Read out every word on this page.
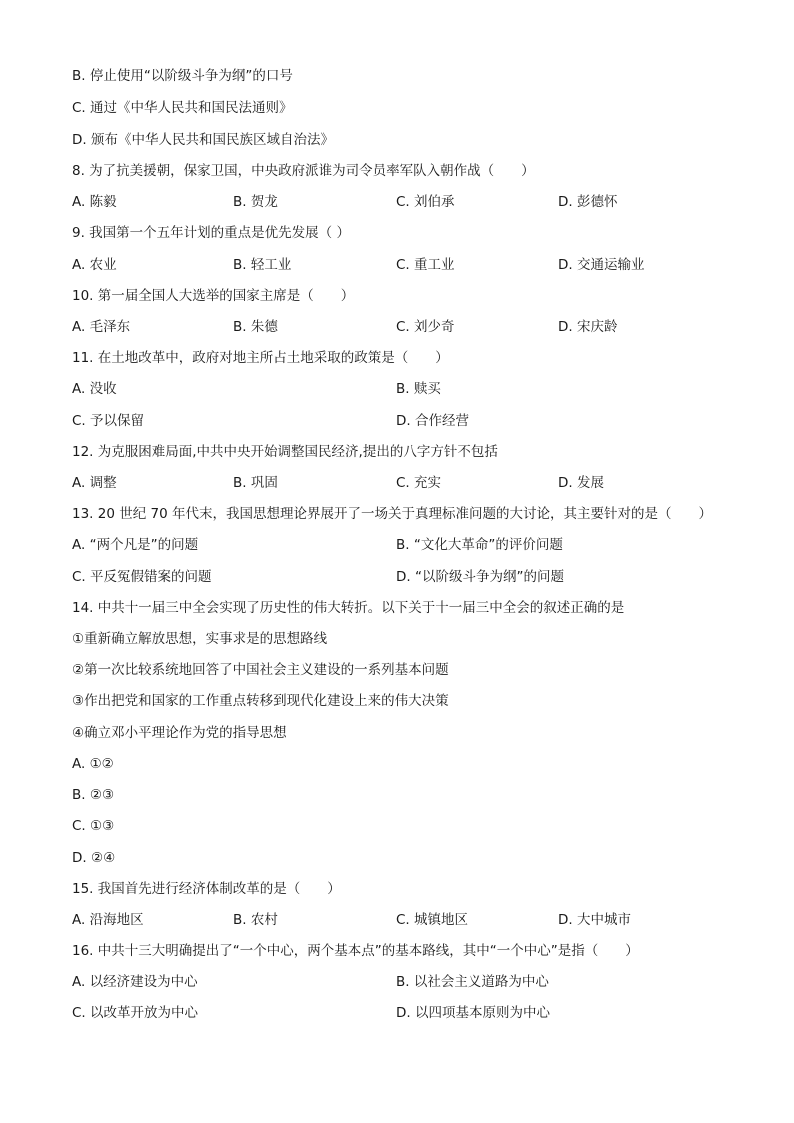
B. 停止使用“以阶级斗争为纲”的口号
C. 通过《中华人民共和国民法通则》
D. 颁布《中华人民共和国民族区域自治法》
8. 为了抗美援朝，保家卫国，中央政府派谁为司令员率军队入朝作战（　　）
A. 陈毅	B. 贺龙	C. 刘伯承	D. 彭德怀
9. 我国第一个五年计划的重点是优先发展（ ）
A. 农业	B. 轻工业	C. 重工业	D. 交通运输业
10. 第一届全国人大选举的国家主席是（　　）
A. 毛泽东	B. 朱德	C. 刘少奇	D. 宋庆龄
11. 在土地改革中，政府对地主所占土地采取的政策是（　　）
A. 没收	B. 赎买
C. 予以保留	D. 合作经营
12. 为克服困难局面,中共中央开始调整国民经济,提出的八字方针不包括
A. 调整	B. 巩固	C. 充实	D. 发展
13. 20 世纪 70 年代末，我国思想理论界展开了一场关于真理标准问题的大讨论，其主要针对的是（　　）
A. “两个凡是”的问题	B. “文化大革命”的评价问题
C. 平反冤假错案的问题	D. “以阶级斗争为纲”的问题
14. 中共十一届三中全会实现了历史性的伟大转折。以下关于十一届三中全会的叙述正确的是
①重新确立解放思想，实事求是的思想路线
②第一次比较系统地回答了中国社会主义建设的一系列基本问题
③作出把党和国家的工作重点转移到现代化建设上来的伟大决策
④确立邓小平理论作为党的指导思想
A. ①②
B. ②③
C. ①③
D. ②④
15. 我国首先进行经济体制改革的是（　　）
A. 沿海地区	B. 农村	C. 城镇地区	D. 大中城市
16. 中共十三大明确提出了“一个中心，两个基本点”的基本路线，其中“一个中心”是指（　　）
A. 以经济建设为中心	B. 以社会主义道路为中心
C. 以改革开放为中心	D. 以四项基本原则为中心
